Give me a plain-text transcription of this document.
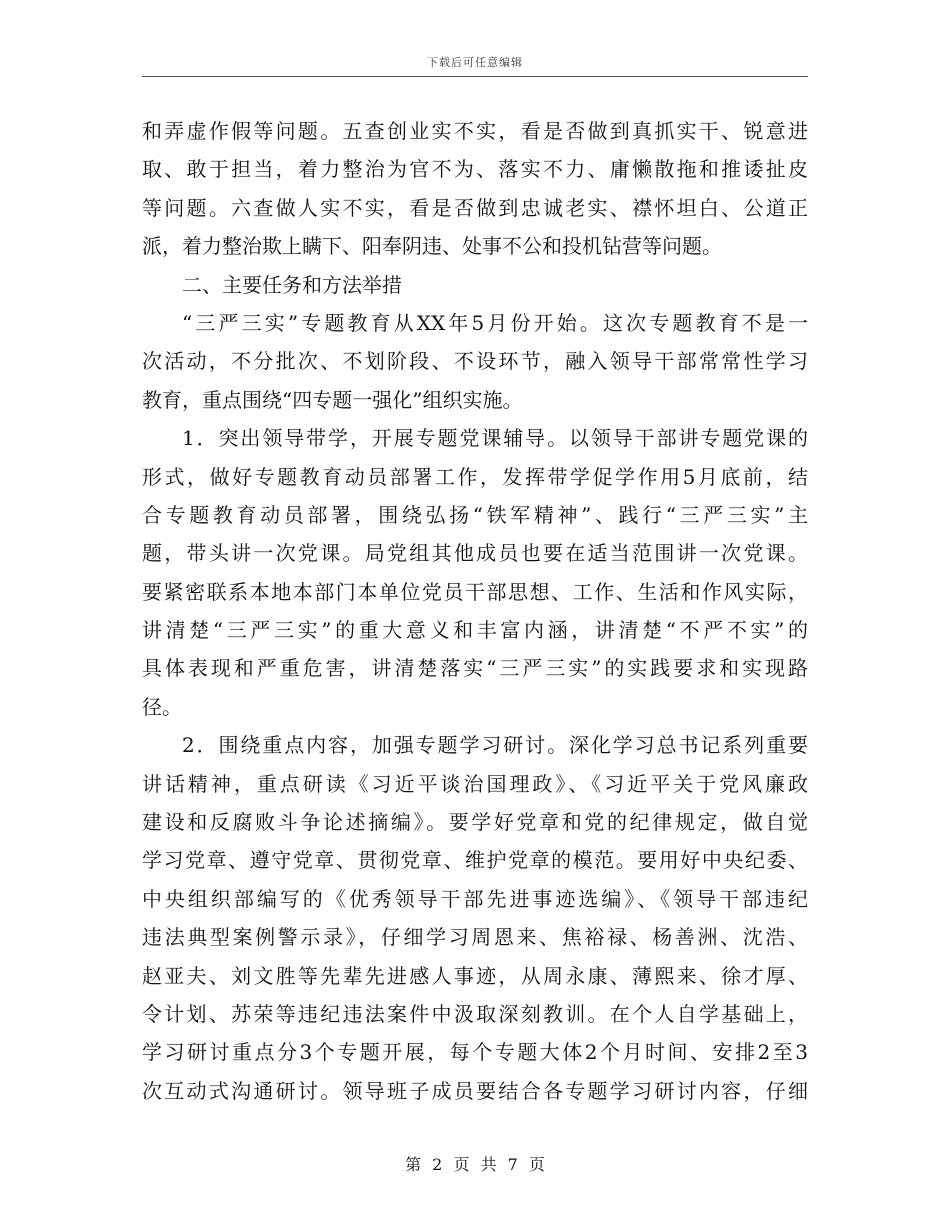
下载后可任意编辑
和弄虚作假等问题。五查创业实不实，看是否做到真抓实干、锐意进
取、敢于担当，着力整治为官不为、落实不力、庸懒散拖和推诿扯皮
等问题。六查做人实不实，看是否做到忠诚老实、襟怀坦白、公道正
派，着力整治欺上瞒下、阳奉阴违、处事不公和投机钻营等问题。
二、主要任务和方法举措
“三严三实”专题教育从XX年5月份开始。这次专题教育不是一
次活动，不分批次、不划阶段、不设环节，融入领导干部常常性学习
教育，重点围绕“四专题一强化”组织实施。
1．突出领导带学，开展专题党课辅导。以领导干部讲专题党课的
形式，做好专题教育动员部署工作，发挥带学促学作用5月底前，结
合专题教育动员部署，围绕弘扬“铁军精神”、践行“三严三实”主
题，带头讲一次党课。局党组其他成员也要在适当范围讲一次党课。
要紧密联系本地本部门本单位党员干部思想、工作、生活和作风实际，
讲清楚“三严三实”的重大意义和丰富内涵，讲清楚“不严不实”的
具体表现和严重危害，讲清楚落实“三严三实”的实践要求和实现路
径。
2．围绕重点内容，加强专题学习研讨。深化学习总书记系列重要
讲话精神，重点研读《习近平谈治国理政》、《习近平关于党风廉政
建设和反腐败斗争论述摘编》。要学好党章和党的纪律规定，做自觉
学习党章、遵守党章、贯彻党章、维护党章的模范。要用好中央纪委、
中央组织部编写的《优秀领导干部先进事迹选编》、《领导干部违纪
违法典型案例警示录》，仔细学习周恩来、焦裕禄、杨善洲、沈浩、
赵亚夫、刘文胜等先辈先进感人事迹，从周永康、薄熙来、徐才厚、
令计划、苏荣等违纪违法案件中汲取深刻教训。在个人自学基础上，
学习研讨重点分3个专题开展，每个专题大体2个月时间、安排2至3
次互动式沟通研讨。领导班子成员要结合各专题学习研讨内容，仔细
第 2 页 共 7 页
